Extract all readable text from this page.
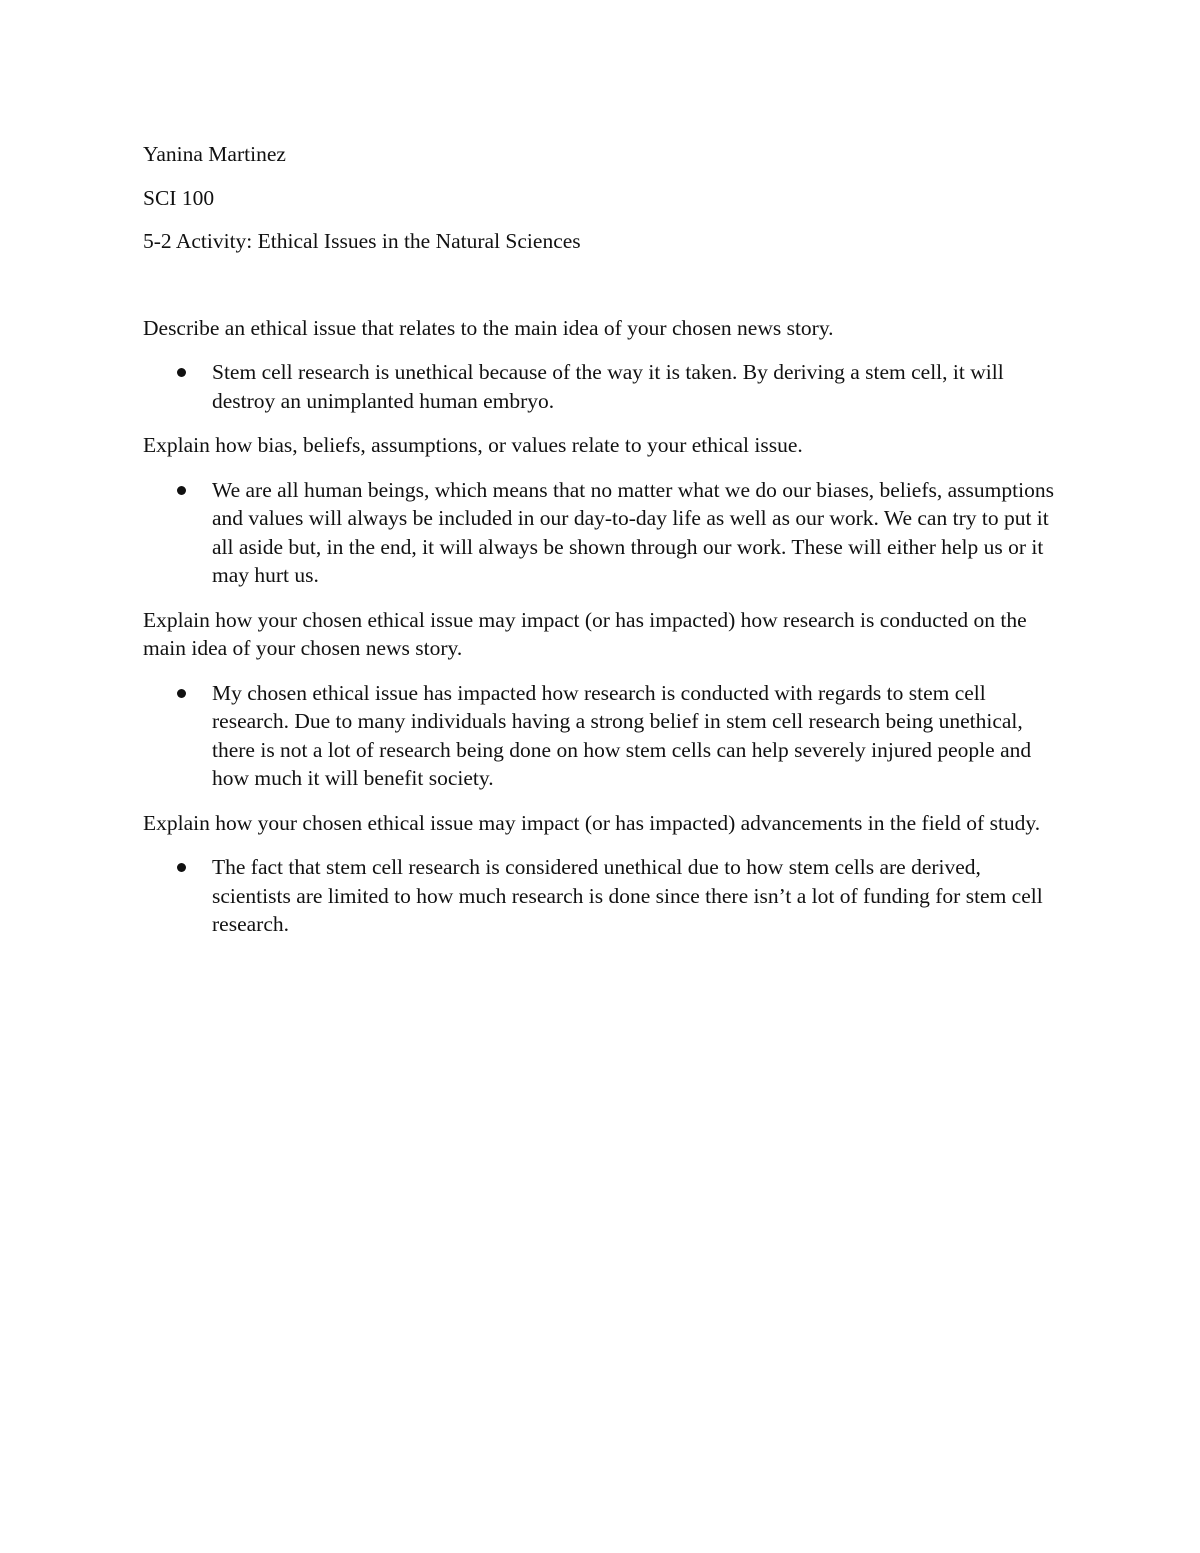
Yanina Martinez

SCI 100

5-2 Activity: Ethical Issues in the Natural Sciences

Describe an ethical issue that relates to the main idea of your chosen news story.

Stem cell research is unethical because of the way it is taken. By deriving a stem cell, it will destroy an unimplanted human embryo.

Explain how bias, beliefs, assumptions, or values relate to your ethical issue.

We are all human beings, which means that no matter what we do our biases, beliefs, assumptions and values will always be included in our day-to-day life as well as our work. We can try to put it all aside but, in the end, it will always be shown through our work. These will either help us or it may hurt us.

Explain how your chosen ethical issue may impact (or has impacted) how research is conducted on the main idea of your chosen news story.

My chosen ethical issue has impacted how research is conducted with regards to stem cell research. Due to many individuals having a strong belief in stem cell research being unethical, there is not a lot of research being done on how stem cells can help severely injured people and how much it will benefit society.

Explain how your chosen ethical issue may impact (or has impacted) advancements in the field of study.

The fact that stem cell research is considered unethical due to how stem cells are derived, scientists are limited to how much research is done since there isn’t a lot of funding for stem cell research.
